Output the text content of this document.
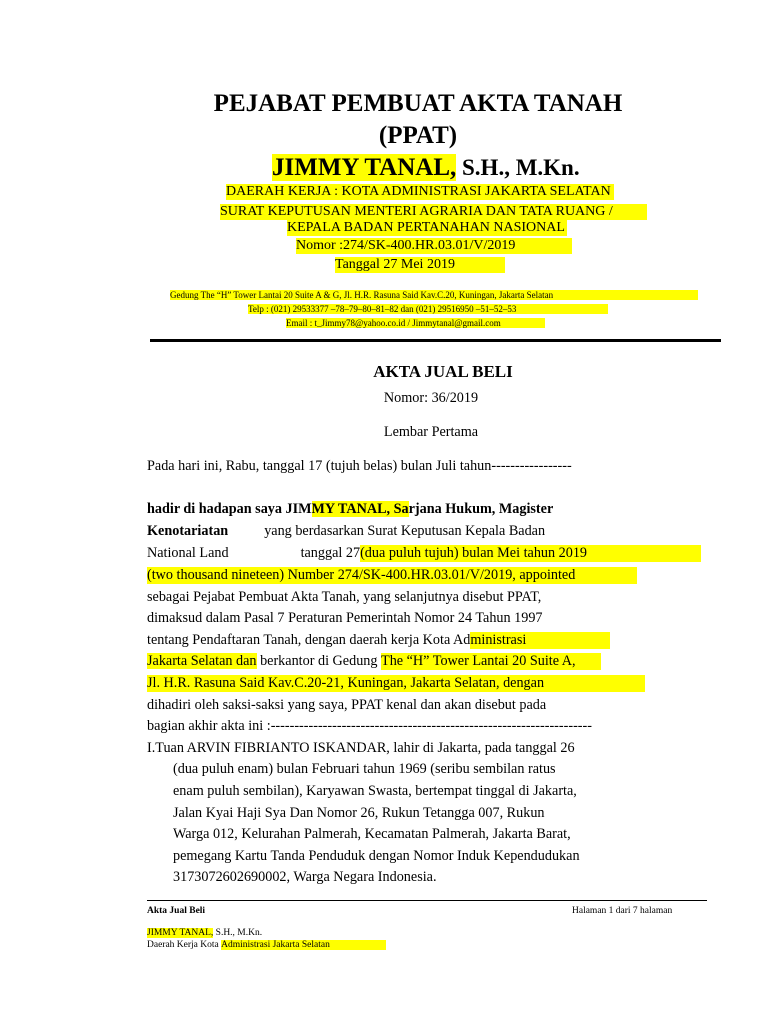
PEJABAT PEMBUAT AKTA TANAH
(PPAT)
JIMMY TANAL, S.H., M.Kn.
DAERAH KERJA : KOTA ADMINISTRASI JAKARTA SELATAN
SURAT KEPUTUSAN MENTERI AGRARIA DAN TATA RUANG /
KEPALA BADAN PERTANAHAN NASIONAL
Nomor :274/SK-400.HR.03.01/V/2019
Tanggal 27 Mei 2019
Gedung The “H” Tower Lantai 20 Suite A & G, Jl. H.R. Rasuna Said Kav.C.20, Kuningan, Jakarta Selatan
Telp : (021) 29533377 –78–79–80–81–82 dan (021) 29516950 –51–52–53
Email : t_Jimmy78@yahoo.co.id / Jimmytanal@gmail.com
AKTA JUAL BELI
Nomor: 36/2019
Lembar Pertama
Pada hari ini, Rabu, tanggal 17 (tujuh belas) bulan Juli tahun-----------------
hadir di hadapan saya JIMMY TANAL, Sarjana Hukum, Magister
Kenotariatan	yang berdasarkan Surat Keputusan Kepala Badan
National Land	tanggal 27(dua puluh tujuh) bulan Mei tahun 2019
(two thousand nineteen) Number 274/SK-400.HR.03.01/V/2019, appointed
sebagai Pejabat Pembuat Akta Tanah, yang selanjutnya disebut PPAT,
dimaksud dalam Pasal 7 Peraturan Pemerintah Nomor 24 Tahun 1997
tentang Pendaftaran Tanah, dengan daerah kerja Kota Administrasi
Jakarta Selatan dan berkantor di Gedung The “H” Tower Lantai 20 Suite A,
Jl. H.R. Rasuna Said Kav.C.20-21, Kuningan, Jakarta Selatan, dengan
dihadiri oleh saksi-saksi yang saya, PPAT kenal dan akan disebut pada
bagian akhir akta ini :--------------------------------------------------------------------
I.Tuan ARVIN FIBRIANTO ISKANDAR, lahir di Jakarta, pada tanggal 26
(dua puluh enam) bulan Februari tahun 1969 (seribu sembilan ratus
enam puluh sembilan), Karyawan Swasta, bertempat tinggal di Jakarta,
Jalan Kyai Haji Sya Dan Nomor 26, Rukun Tetangga 007, Rukun
Warga 012, Kelurahan Palmerah, Kecamatan Palmerah, Jakarta Barat,
pemegang Kartu Tanda Penduduk dengan Nomor Induk Kependudukan
3173072602690002, Warga Negara Indonesia.
Akta Jual Beli	Halaman 1 dari 7 halaman
JIMMY TANAL, S.H., M.Kn.
Daerah Kerja Kota Administrasi Jakarta Selatan
